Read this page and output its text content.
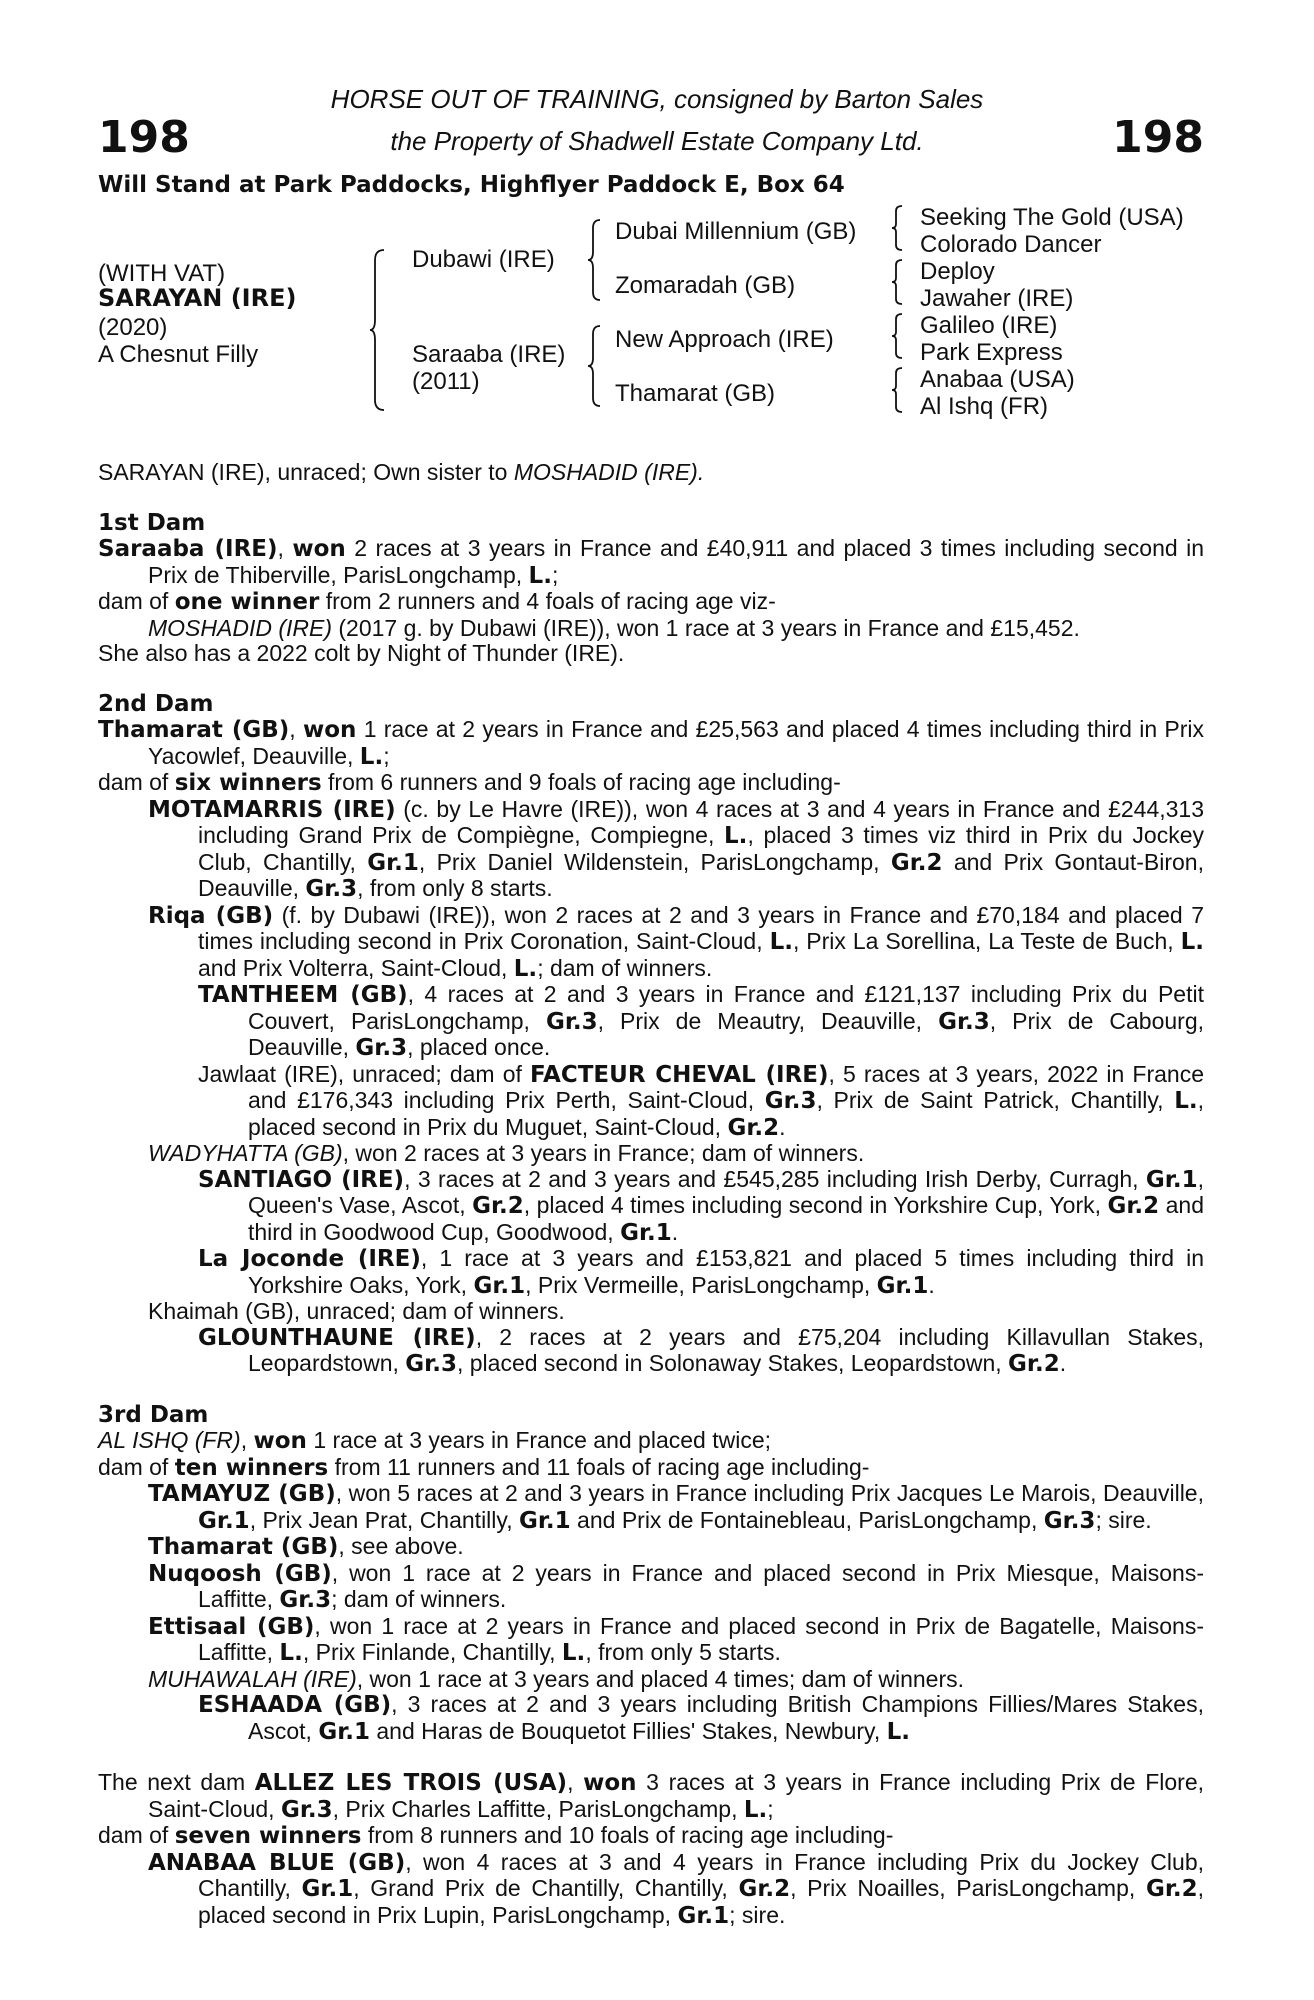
198	198
HORSE OUT OF TRAINING, consigned by Barton Sales
the Property of Shadwell Estate Company Ltd.
Will Stand at Park Paddocks, Highflyer Paddock E, Box 64
(WITH VAT)
SARAYAN (IRE)
(2020)
A Chesnut Filly
Dubawi (IRE)
Saraaba (IRE)
(2011)
Dubai Millennium (GB)
Zomaradah (GB)
New Approach (IRE)
Thamarat (GB)
Seeking The Gold (USA)
Colorado Dancer
Deploy
Jawaher (IRE)
Galileo (IRE)
Park Express
Anabaa (USA)
Al Ishq (FR)

SARAYAN (IRE), unraced; Own sister to MOSHADID (IRE).

1st Dam

Saraaba (IRE), won 2 races at 3 years in France and £40,911 and placed 3 times including second in Prix de Thiberville, ParisLongchamp, L.;

dam of one winner from 2 runners and 4 foals of racing age viz-

MOSHADID (IRE) (2017 g. by Dubawi (IRE)), won 1 race at 3 years in France and £15,452.

She also has a 2022 colt by Night of Thunder (IRE).

2nd Dam

Thamarat (GB), won 1 race at 2 years in France and £25,563 and placed 4 times including third in Prix Yacowlef, Deauville, L.;

dam of six winners from 6 runners and 9 foals of racing age including-

MOTAMARRIS (IRE) (c. by Le Havre (IRE)), won 4 races at 3 and 4 years in France and £244,313 including Grand Prix de Compiègne, Compiegne, L., placed 3 times viz third in Prix du Jockey Club, Chantilly, Gr.1, Prix Daniel Wildenstein, ParisLongchamp, Gr.2 and Prix Gontaut-Biron, Deauville, Gr.3, from only 8 starts.

Riqa (GB) (f. by Dubawi (IRE)), won 2 races at 2 and 3 years in France and £70,184 and placed 7 times including second in Prix Coronation, Saint-Cloud, L., Prix La Sorellina, La Teste de Buch, L. and Prix Volterra, Saint-Cloud, L.; dam of winners.

TANTHEEM (GB), 4 races at 2 and 3 years in France and £121,137 including Prix du Petit Couvert, ParisLongchamp, Gr.3, Prix de Meautry, Deauville, Gr.3, Prix de Cabourg, Deauville, Gr.3, placed once.

Jawlaat (IRE), unraced; dam of FACTEUR CHEVAL (IRE), 5 races at 3 years, 2022 in France and £176,343 including Prix Perth, Saint-Cloud, Gr.3, Prix de Saint Patrick, Chantilly, L., placed second in Prix du Muguet, Saint-Cloud, Gr.2.

WADYHATTA (GB), won 2 races at 3 years in France; dam of winners.

SANTIAGO (IRE), 3 races at 2 and 3 years and £545,285 including Irish Derby, Curragh, Gr.1, Queen's Vase, Ascot, Gr.2, placed 4 times including second in Yorkshire Cup, York, Gr.2 and third in Goodwood Cup, Goodwood, Gr.1.

La Joconde (IRE), 1 race at 3 years and £153,821 and placed 5 times including third in Yorkshire Oaks, York, Gr.1, Prix Vermeille, ParisLongchamp, Gr.1.

Khaimah (GB), unraced; dam of winners.

GLOUNTHAUNE (IRE), 2 races at 2 years and £75,204 including Killavullan Stakes, Leopardstown, Gr.3, placed second in Solonaway Stakes, Leopardstown, Gr.2.

3rd Dam

AL ISHQ (FR), won 1 race at 3 years in France and placed twice;

dam of ten winners from 11 runners and 11 foals of racing age including-

TAMAYUZ (GB), won 5 races at 2 and 3 years in France including Prix Jacques Le Marois, Deauville, Gr.1, Prix Jean Prat, Chantilly, Gr.1 and Prix de Fontainebleau, ParisLongchamp, Gr.3; sire.

Thamarat (GB), see above.

Nuqoosh (GB), won 1 race at 2 years in France and placed second in Prix Miesque, Maisons-Laffitte, Gr.3; dam of winners.

Ettisaal (GB), won 1 race at 2 years in France and placed second in Prix de Bagatelle, Maisons-Laffitte, L., Prix Finlande, Chantilly, L., from only 5 starts.

MUHAWALAH (IRE), won 1 race at 3 years and placed 4 times; dam of winners.

ESHAADA (GB), 3 races at 2 and 3 years including British Champions Fillies/Mares Stakes, Ascot, Gr.1 and Haras de Bouquetot Fillies' Stakes, Newbury, L.

The next dam ALLEZ LES TROIS (USA), won 3 races at 3 years in France including Prix de Flore, Saint-Cloud, Gr.3, Prix Charles Laffitte, ParisLongchamp, L.;

dam of seven winners from 8 runners and 10 foals of racing age including-

ANABAA BLUE (GB), won 4 races at 3 and 4 years in France including Prix du Jockey Club, Chantilly, Gr.1, Grand Prix de Chantilly, Chantilly, Gr.2, Prix Noailles, ParisLongchamp, Gr.2, placed second in Prix Lupin, ParisLongchamp, Gr.1; sire.
